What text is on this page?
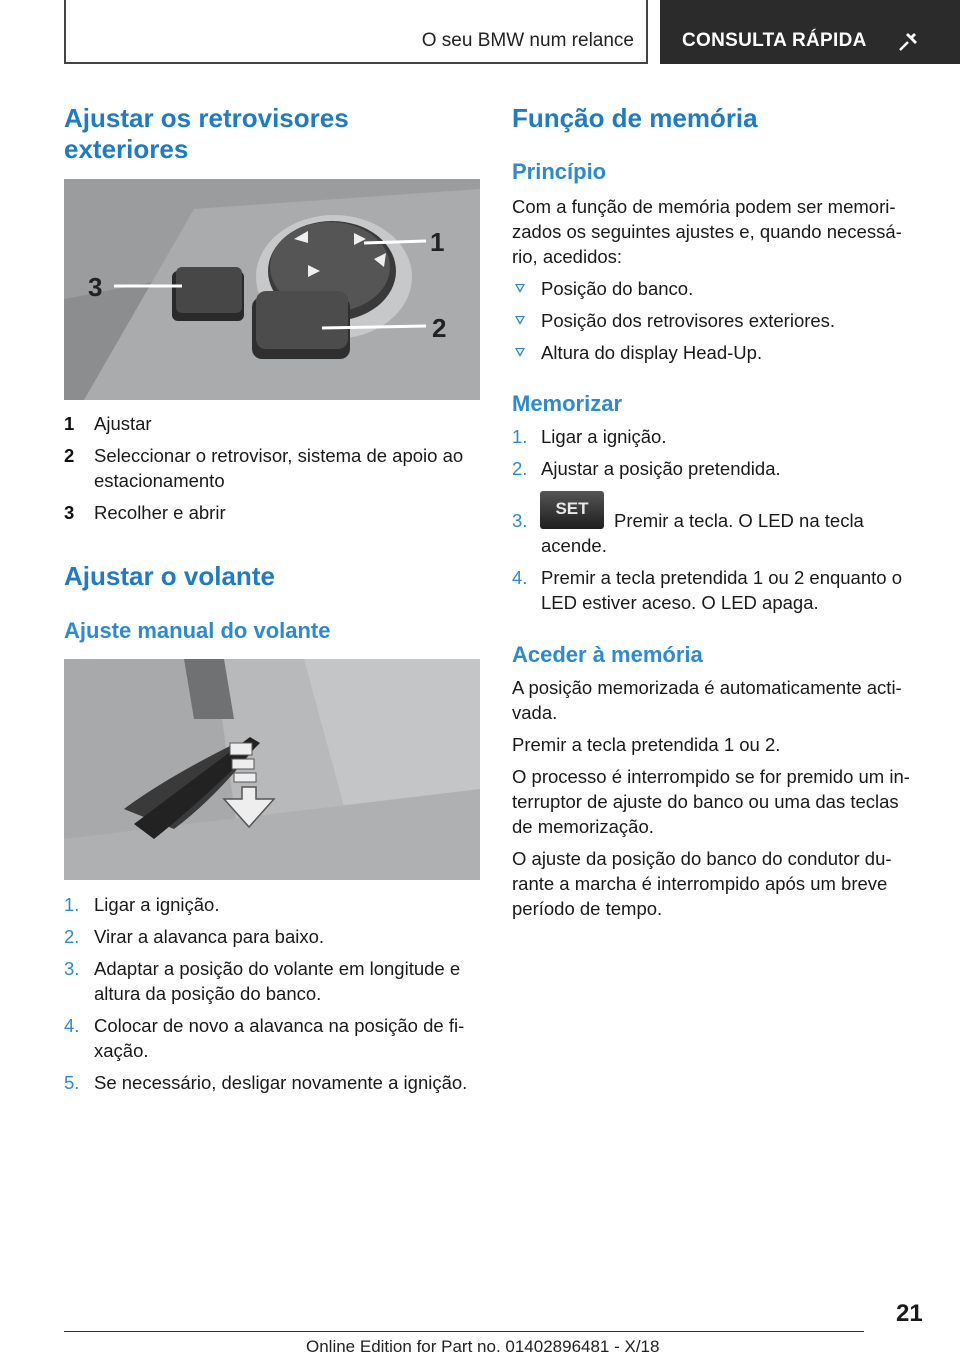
O seu BMW num relance	CONSULTA RÁPIDA
Ajustar os retrovisores
exteriores
3
1
2
1 Ajustar
2 Seleccionar o retrovisor, sistema de apoio ao
estacionamento
3 Recolher e abrir
Ajustar o volante
Ajuste manual do volante
1. Ligar a ignição.
2. Virar a alavanca para baixo.
3. Adaptar a posição do volante em longitude e
altura da posição do banco.
4. Colocar de novo a alavanca na posição de fi-
xação.
5. Se necessário, desligar novamente a ignição.
Função de memória
Princípio
Com a função de memória podem ser memori-
zados os seguintes ajustes e, quando necessá-
rio, acedidos:
Posição do banco.
Posição dos retrovisores exteriores.
Altura do display Head-Up.
Memorizar
1. Ligar a ignição.
2. Ajustar a posição pretendida.
3.
SET
Premir a tecla. O LED na tecla
acende.
4. Premir a tecla pretendida 1 ou 2 enquanto o
LED estiver aceso. O LED apaga.
Aceder à memória
A posição memorizada é automaticamente acti-
vada.
Premir a tecla pretendida 1 ou 2.
O processo é interrompido se for premido um in-
terruptor de ajuste do banco ou uma das teclas
de memorização.
O ajuste da posição do banco do condutor du-
rante a marcha é interrompido após um breve
período de tempo.
21
Online Edition for Part no. 01402896481 - X/18
